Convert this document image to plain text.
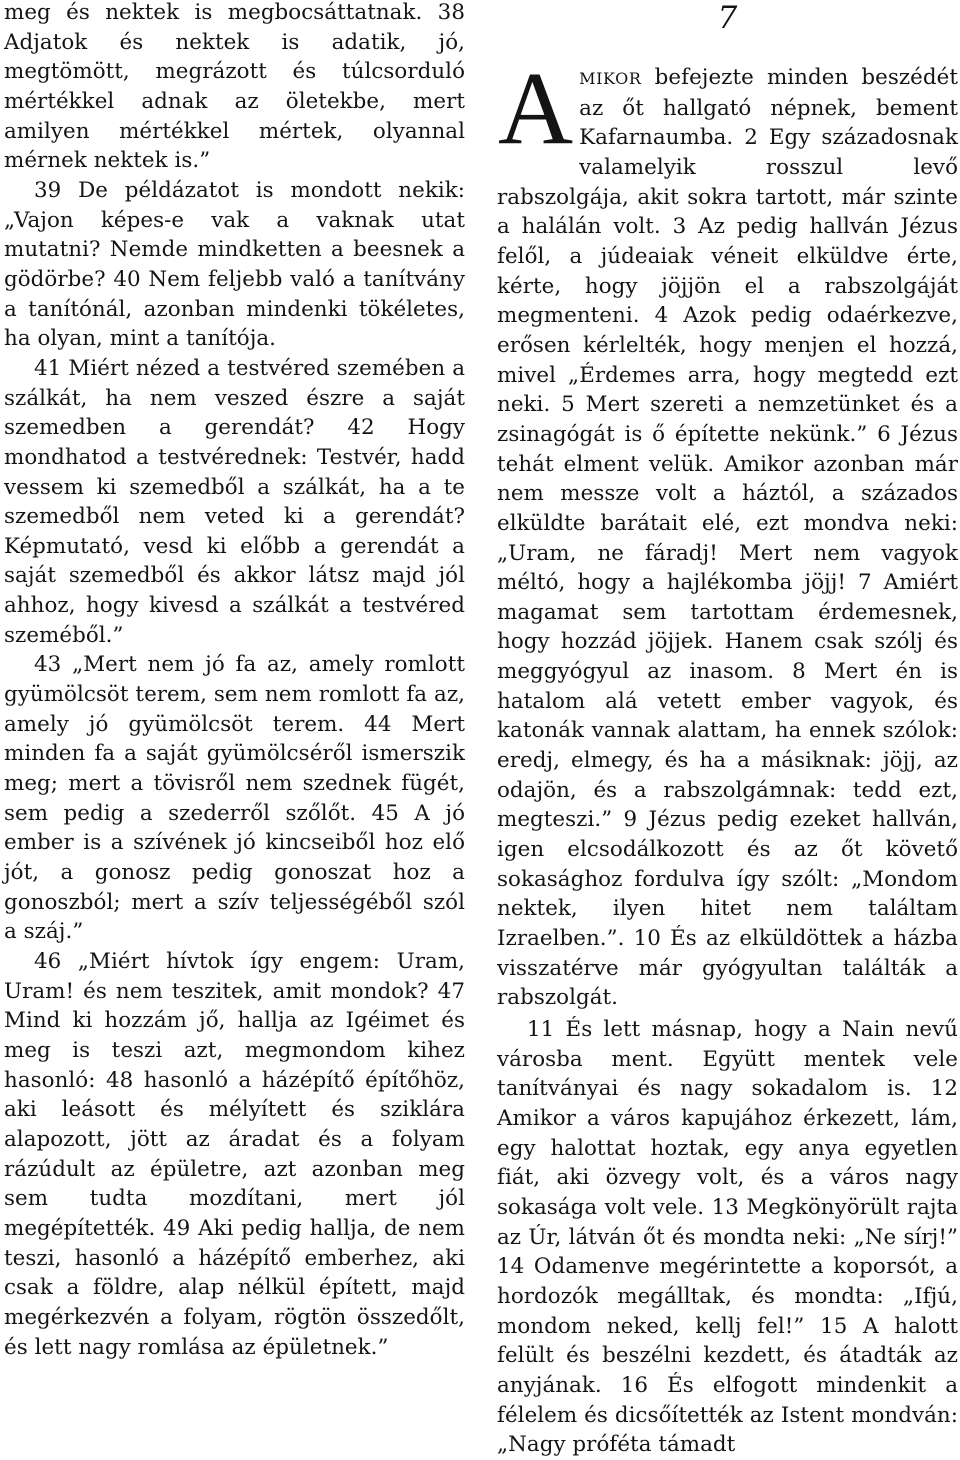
meg és nektek is megbocsáttatnak. 38 Adjatok és nektek is adatik, jó, megtömött, megrázott és túlcsorduló mértékkel adnak az öletekbe, mert amilyen mértékkel mértek, olyannal mérnek nektek is.”

39 De példázatot is mondott nekik: „Vajon képes-e vak a vaknak utat mutatni? Nemde mindketten a beesnek a gödörbe? 40 Nem feljebb való a tanítvány a tanítónál, azonban mindenki tökéletes, ha olyan, mint a tanítója.

41 Miért nézed a testvéred szemében a szálkát, ha nem veszed észre a saját szemedben a gerendát? 42 Hogy mondhatod a testvérednek: Testvér, hadd vessem ki szemedből a szálkát, ha a te szemedből nem veted ki a gerendát? Képmutató, vesd ki előbb a gerendát a saját szemedből és akkor látsz majd jól ahhoz, hogy kivesd a szálkát a testvéred szeméből.”

43 „Mert nem jó fa az, amely romlott gyümölcsöt terem, sem nem romlott fa az, amely jó gyümölcsöt terem. 44 Mert minden fa a saját gyümölcséről ismerszik meg; mert a tövisről nem szednek fügét, sem pedig a szederről szőlőt. 45 A jó ember is a szívének jó kincseiből hoz elő jót, a gonosz pedig gonoszat hoz a gonoszból; mert a szív teljességéből szól a száj.”

46 „Miért hívtok így engem: Uram, Uram! és nem teszitek, amit mondok? 47 Mind ki hozzám jő, hallja az Igéimet és meg is teszi azt, megmondom kihez hasonló: 48 hasonló a házépítő építőhöz, aki leásott és mélyített és sziklára alapozott, jött az áradat és a folyam rázúdult az épületre, azt azonban meg sem tudta mozdítani, mert jól megépítették. 49 Aki pedig hallja, de nem teszi, hasonló a házépítő emberhez, aki csak a földre, alap nélkül épített, majd megérkezvén a folyam, rögtön összedőlt, és lett nagy romlása az épületnek.”

7

AMIKOR befejezte minden beszédét az őt hallgató népnek, bement Kafarnaumba. 2 Egy századosnak valamelyik rosszul levő rabszolgája, akit sokra tartott, már szinte a halálán volt. 3 Az pedig hallván Jézus felől, a júdeaiak véneit elküldve érte, kérte, hogy jöjjön el a rabszolgáját megmenteni. 4 Azok pedig odaérkezve, erősen kérlelték, hogy menjen el hozzá, mivel „Érdemes arra, hogy megtedd ezt neki. 5 Mert szereti a nemzetünket és a zsinagógát is ő építette nekünk.” 6 Jézus tehát elment velük. Amikor azonban már nem messze volt a háztól, a százados elküldte barátait elé, ezt mondva neki: „Uram, ne fáradj! Mert nem vagyok méltó, hogy a hajlékomba jöjj! 7 Amiért magamat sem tartottam érdemesnek, hogy hozzád jöjjek. Hanem csak szólj és meggyógyul az inasom. 8 Mert én is hatalom alá vetett ember vagyok, és katonák vannak alattam, ha ennek szólok: eredj, elmegy, és ha a másiknak: jöjj, az odajön, és a rabszolgámnak: tedd ezt, megteszi.” 9 Jézus pedig ezeket hallván, igen elcsodálkozott és az őt követő sokasághoz fordulva így szólt: „Mondom nektek, ilyen hitet nem találtam Izraelben.”. 10 És az elküldöttek a házba visszatérve már gyógyultan találták a rabszolgát.

11 És lett másnap, hogy a Nain nevű városba ment. Együtt mentek vele tanítványai és nagy sokadalom is. 12 Amikor a város kapujához érkezett, lám, egy halottat hoztak, egy anya egyetlen fiát, aki özvegy volt, és a város nagy sokasága volt vele. 13 Megkönyörült rajta az Úr, látván őt és mondta neki: „Ne sírj!” 14 Odamenve megérintette a koporsót, a hordozók megálltak, és mondta: „Ifjú, mondom neked, kellj fel!” 15 A halott felült és beszélni kezdett, és átadták az anyjának. 16 És elfogott mindenkit a félelem és dicsőítették az Istent mondván: „Nagy próféta támadt
